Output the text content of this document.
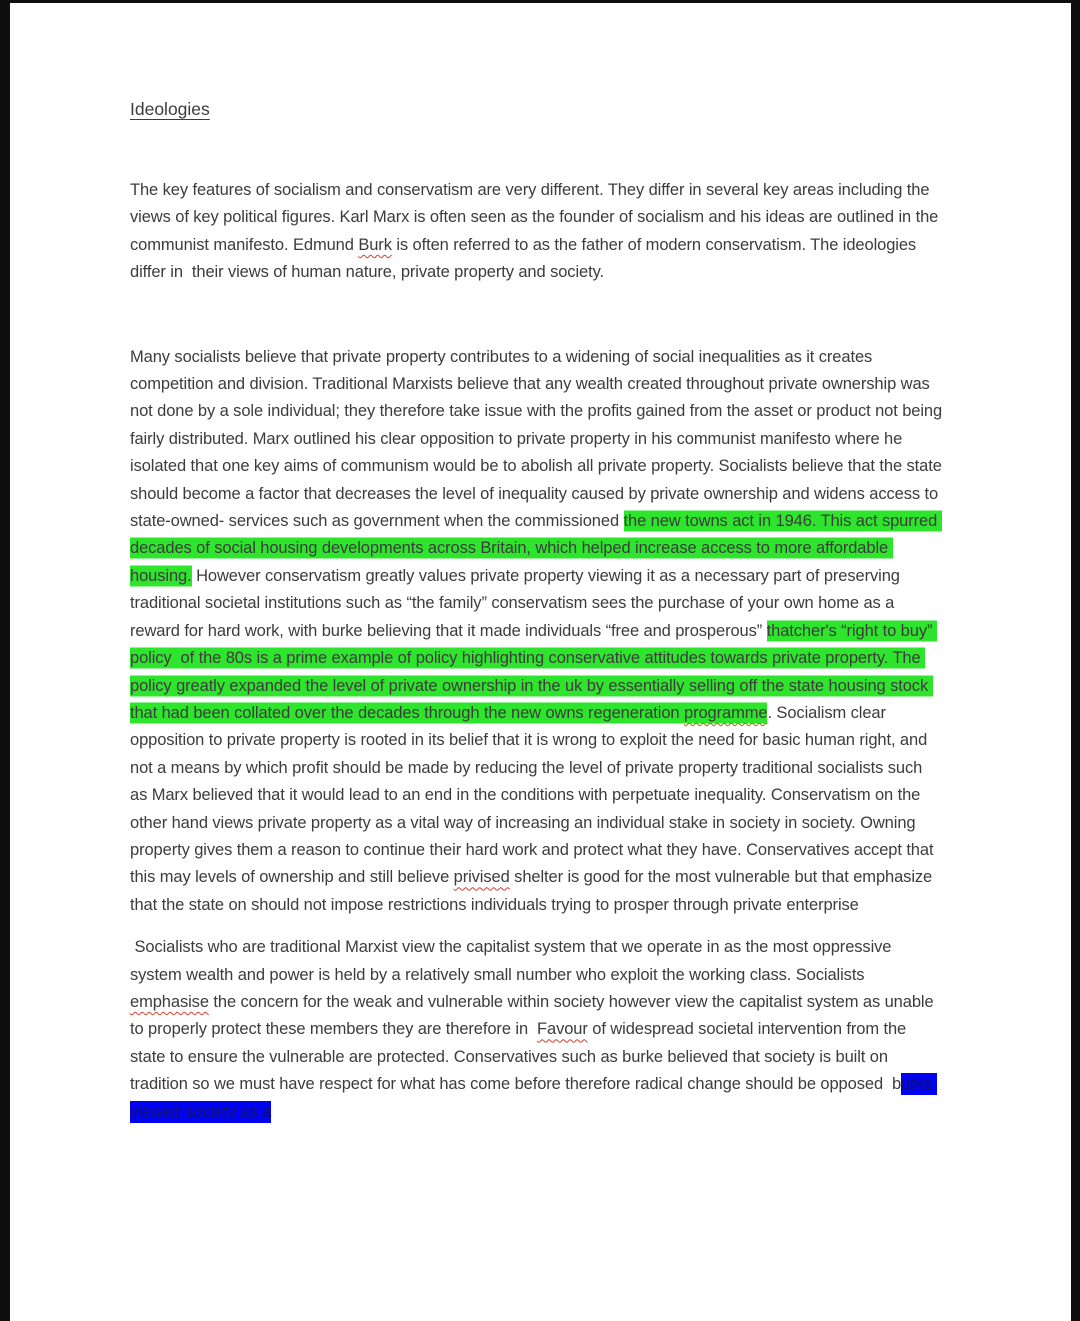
Ideologies

The key features of socialism and conservatism are very different. They differ in several key areas including the views of key political figures. Karl Marx is often seen as the founder of socialism and his ideas are outlined in the communist manifesto. Edmund Burk is often referred to as the father of modern conservatism. The ideologies differ in  their views of human nature, private property and society.

Many socialists believe that private property contributes to a widening of social inequalities as it creates competition and division. Traditional Marxists believe that any wealth created throughout private ownership was not done by a sole individual; they therefore take issue with the profits gained from the asset or product not being fairly distributed. Marx outlined his clear opposition to private property in his communist manifesto where he isolated that one key aims of communism would be to abolish all private property. Socialists believe that the state should become a factor that decreases the level of inequality caused by private ownership and widens access to state-owned- services such as government when the commissioned the new towns act in 1946. This act spurred decades of social housing developments across Britain, which helped increase access to more affordable housing. However conservatism greatly values private property viewing it as a necessary part of preserving traditional societal institutions such as “the family” conservatism sees the purchase of your own home as a reward for hard work, with burke believing that it made individuals “free and prosperous” thatcher's “right to buy” policy  of the 80s is a prime example of policy highlighting conservative attitudes towards private property. The policy greatly expanded the level of private ownership in the uk by essentially selling off the state housing stock that had been collated over the decades through the new owns regeneration programme. Socialism clear opposition to private property is rooted in its belief that it is wrong to exploit the need for basic human right, and not a means by which profit should be made by reducing the level of private property traditional socialists such as Marx believed that it would lead to an end in the conditions with perpetuate inequality. Conservatism on the other hand views private property as a vital way of increasing an individual stake in society in society. Owning property gives them a reason to continue their hard work and protect what they have. Conservatives accept that this may levels of ownership and still believe privised shelter is good for the most vulnerable but that emphasize that the state on should not impose restrictions individuals trying to prosper through private enterprise

Socialists who are traditional Marxist view the capitalist system that we operate in as the most oppressive system wealth and power is held by a relatively small number who exploit the working class. Socialists emphasise the concern for the weak and vulnerable within society however view the capitalist system as unable to properly protect these members they are therefore in  Favour of widespread societal intervention from the state to ensure the vulnerable are protected. Conservatives such as burke believed that society is built on tradition so we must have respect for what has come before therefore radical change should be opposed  burke viewed society as a
